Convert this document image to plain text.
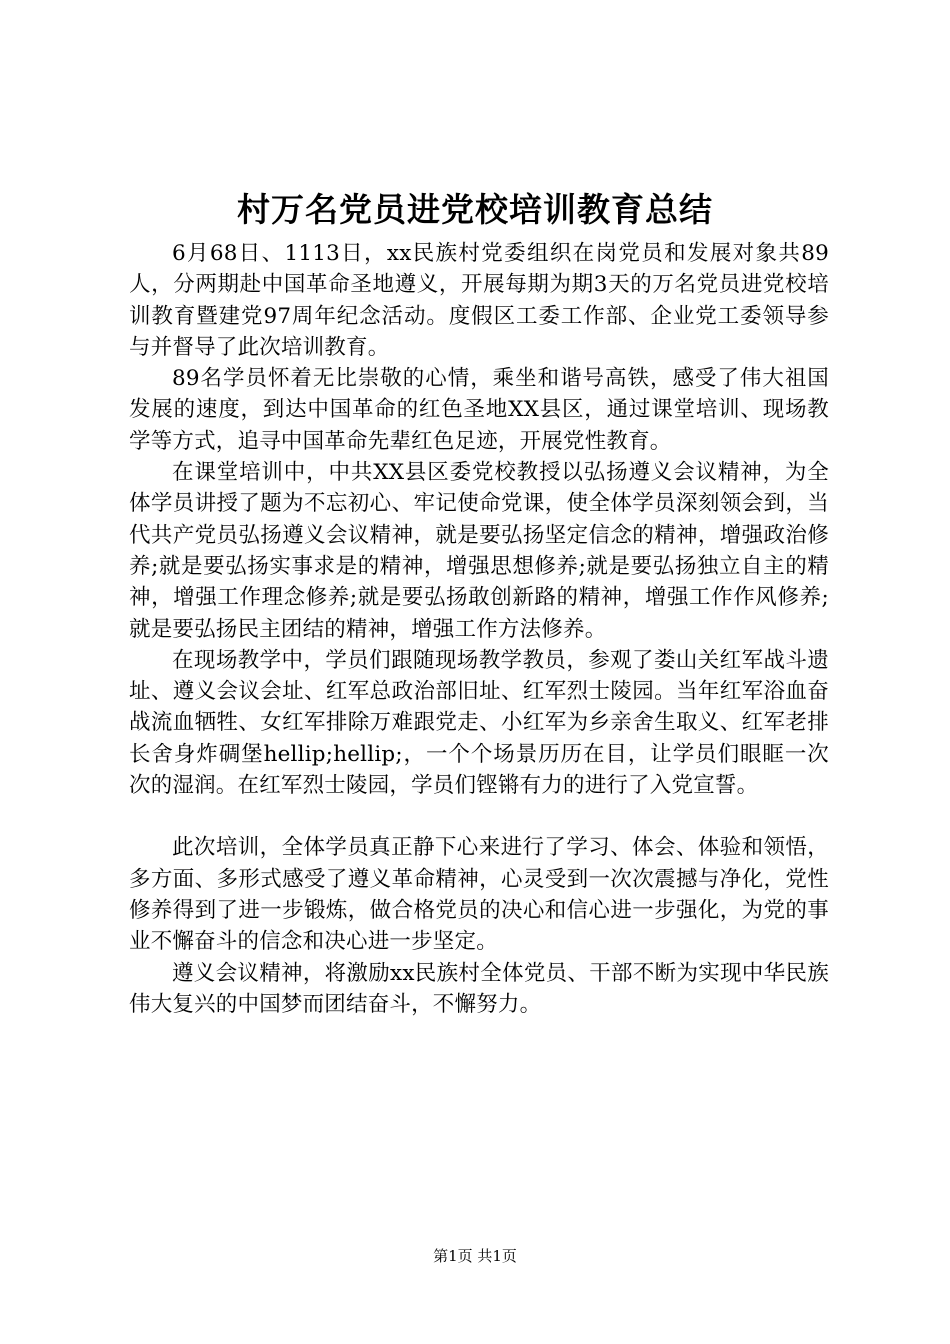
村万名党员进党校培训教育总结

6月68日、1113日，xx民族村党委组织在岗党员和发展对象共89人，分两期赴中国革命圣地遵义，开展每期为期3天的万名党员进党校培训教育暨建党97周年纪念活动。度假区工委工作部、企业党工委领导参与并督导了此次培训教育。

89名学员怀着无比崇敬的心情，乘坐和谐号高铁，感受了伟大祖国发展的速度，到达中国革命的红色圣地XX县区，通过课堂培训、现场教学等方式，追寻中国革命先辈红色足迹，开展党性教育。

在课堂培训中，中共XX县区委党校教授以弘扬遵义会议精神，为全体学员讲授了题为不忘初心、牢记使命党课，使全体学员深刻领会到，当代共产党员弘扬遵义会议精神，就是要弘扬坚定信念的精神，增强政治修养;就是要弘扬实事求是的精神，增强思想修养;就是要弘扬独立自主的精神，增强工作理念修养;就是要弘扬敢创新路的精神，增强工作作风修养;就是要弘扬民主团结的精神，增强工作方法修养。

在现场教学中，学员们跟随现场教学教员，参观了娄山关红军战斗遗址、遵义会议会址、红军总政治部旧址、红军烈士陵园。当年红军浴血奋战流血牺牲、女红军排除万难跟党走、小红军为乡亲舍生取义、红军老排长舍身炸碉堡hellip;hellip;，一个个场景历历在目，让学员们眼眶一次次的湿润。在红军烈士陵园，学员们铿锵有力的进行了入党宣誓。

此次培训，全体学员真正静下心来进行了学习、体会、体验和领悟，多方面、多形式感受了遵义革命精神，心灵受到一次次震撼与净化，党性修养得到了进一步锻炼，做合格党员的决心和信心进一步强化，为党的事业不懈奋斗的信念和决心进一步坚定。

遵义会议精神，将激励xx民族村全体党员、干部不断为实现中华民族伟大复兴的中国梦而团结奋斗，不懈努力。

第1页 共1页
